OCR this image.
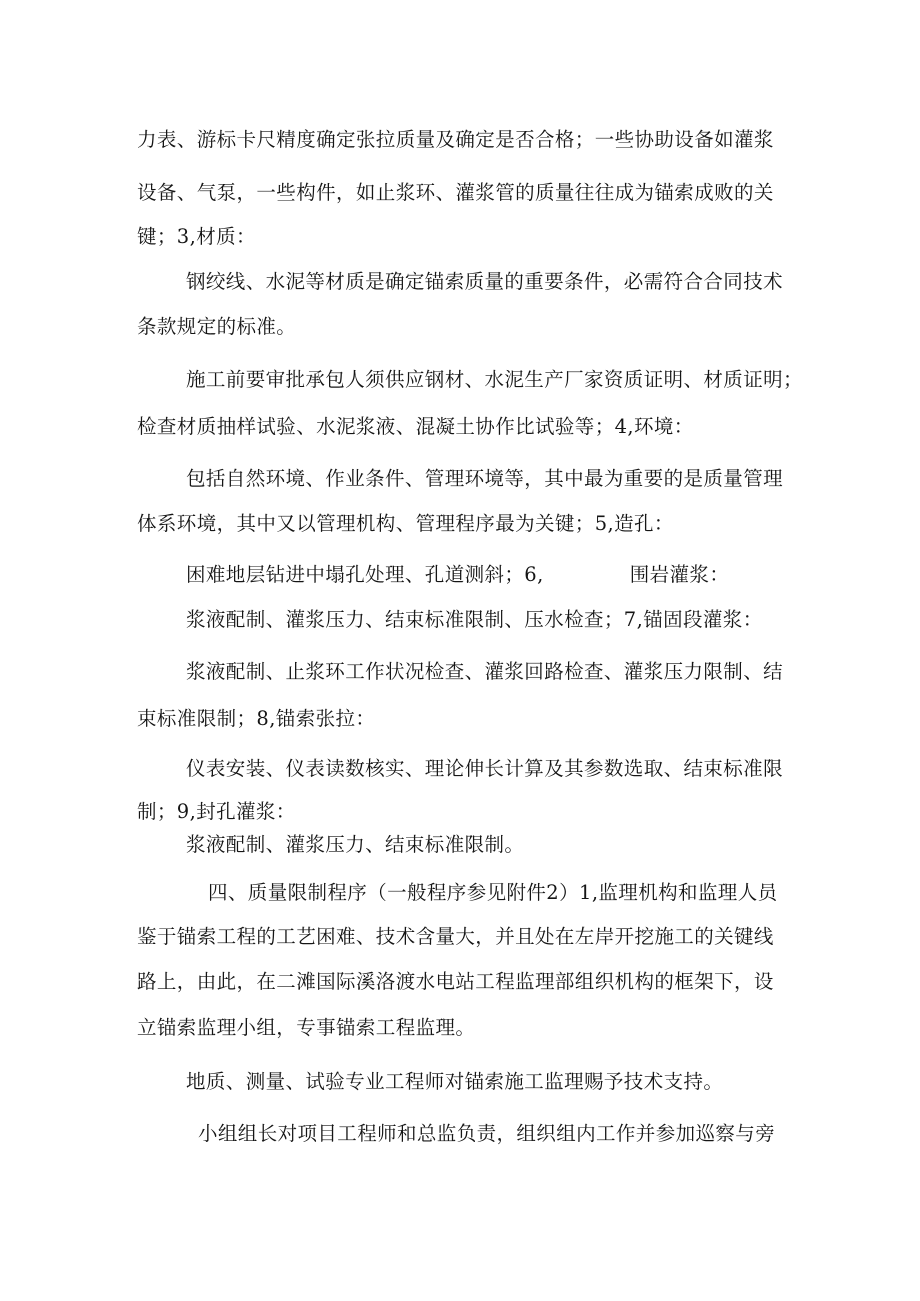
力表、游标卡尺精度确定张拉质量及确定是否合格；一些协助设备如灌浆

设备、气泵，一些构件，如止浆环、灌浆管的质量往往成为锚索成败的关

键；3,材质：

钢绞线、水泥等材质是确定锚索质量的重要条件，必需符合合同技术

条款规定的标准。

施工前要审批承包人须供应钢材、水泥生产厂家资质证明、材质证明；

检查材质抽样试验、水泥浆液、混凝土协作比试验等；4,环境：

包括自然环境、作业条件、管理环境等，其中最为重要的是质量管理

体系环境，其中又以管理机构、管理程序最为关键；5,造孔：

困难地层钻进中塌孔处理、孔道测斜；6,	围岩灌浆：

浆液配制、灌浆压力、结束标准限制、压水检查；7,锚固段灌浆：

浆液配制、止浆环工作状况检查、灌浆回路检查、灌浆压力限制、结

束标准限制；8,锚索张拉：

仪表安装、仪表读数核实、理论伸长计算及其参数选取、结束标准限

制；9,封孔灌浆：

浆液配制、灌浆压力、结束标准限制。

四、质量限制程序（一般程序参见附件2）1,监理机构和监理人员

鉴于锚索工程的工艺困难、技术含量大，并且处在左岸开挖施工的关键线

路上，由此，在二滩国际溪洛渡水电站工程监理部组织机构的框架下，设

立锚索监理小组，专事锚索工程监理。

地质、测量、试验专业工程师对锚索施工监理赐予技术支持。

小组组长对项目工程师和总监负责，组织组内工作并参加巡察与旁
